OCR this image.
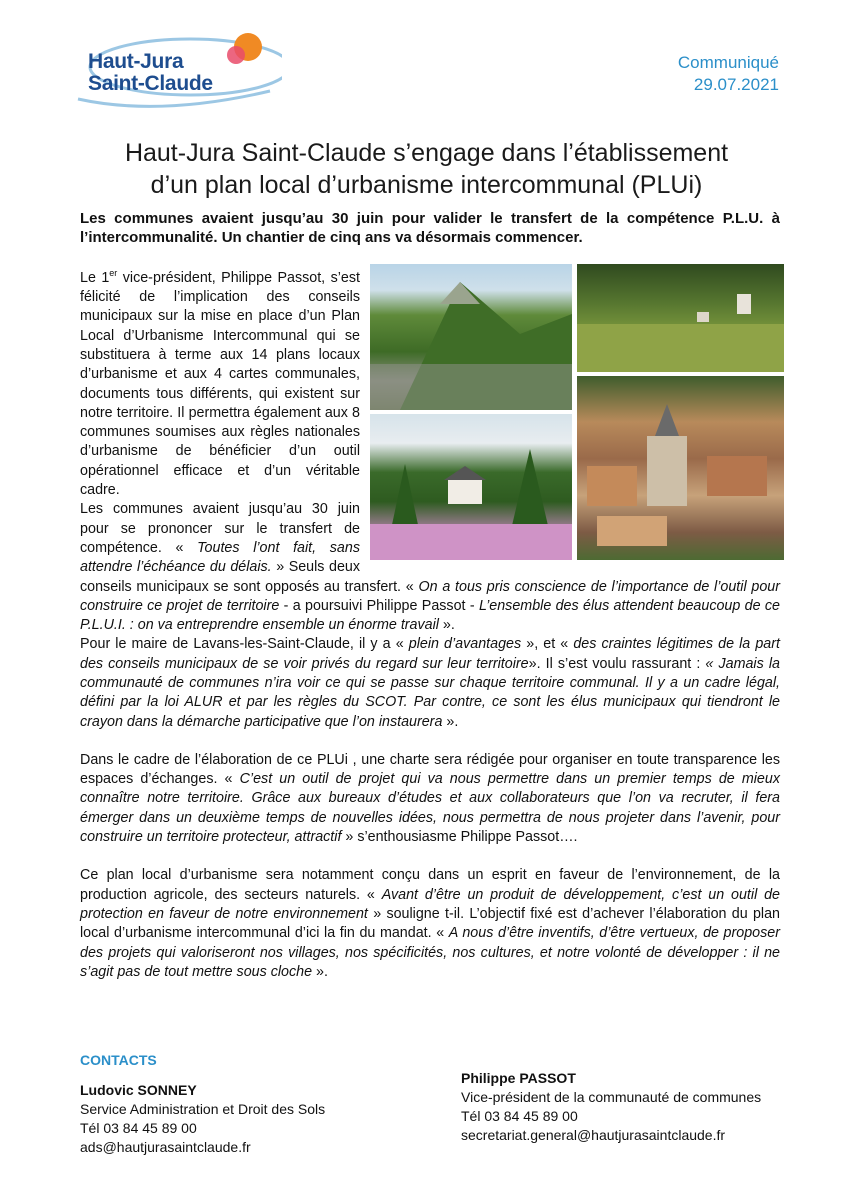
Haut-Jura
Saint-Claude
Communiqué
29.07.2021
Haut-Jura Saint-Claude s’engage dans l’établissement
d’un plan local d’urbanisme intercommunal (PLUi)
Les communes avaient jusqu’au 30 juin pour valider le transfert de la compétence P.L.U. à l’intercommunalité. Un chantier de cinq ans va désormais commencer.

Le 1er vice-président, Philippe Passot, s’est félicité de l’implication des conseils municipaux sur la mise en place d’un Plan Local d’Urbanisme Intercommunal qui se substituera à terme aux 14 plans locaux d’urbanisme et aux 4 cartes communales, documents tous différents, qui existent sur notre territoire. Il permettra également aux 8 communes soumises aux règles nationales d’urbanisme de bénéficier d’un outil opérationnel efficace et d’un véritable cadre.

Les communes avaient jusqu’au 30 juin pour se prononcer sur le transfert de compétence. « Toutes l’ont fait, sans attendre l’échéance du délais. » Seuls deux conseils municipaux se sont opposés au transfert. « On a tous pris conscience de l’importance de l’outil pour construire ce projet de territoire - a poursuivi Philippe Passot - L’ensemble des élus attendent beaucoup de ce P.L.U.I. : on va entreprendre ensemble un énorme travail ».
Pour le maire de Lavans-les-Saint-Claude, il y a « plein d’avantages », et « des craintes légitimes de la part des conseils municipaux de se voir privés du regard sur leur territoire». Il s’est voulu rassurant : « Jamais la communauté de communes n’ira voir ce qui se passe sur chaque territoire communal. Il y a un cadre légal, défini par la loi ALUR et par les règles du SCOT. Par contre, ce sont les élus municipaux qui tiendront le crayon dans la démarche participative que l’on instaurera ».

Dans le cadre de l’élaboration de ce PLUi , une charte sera rédigée pour organiser en toute transparence les espaces d’échanges. « C’est un outil de projet qui va nous permettre dans un premier temps de mieux connaître notre territoire. Grâce aux bureaux d’études et aux collaborateurs que l’on va recruter, il fera émerger dans un deuxième temps de nouvelles idées, nous permettra de nous projeter dans l’avenir, pour construire un territoire protecteur, attractif » s’enthousiasme Philippe Passot….

Ce plan local d’urbanisme sera notamment conçu dans un esprit en faveur de l’environnement, de la production agricole, des secteurs naturels. « Avant d’être un produit de développement, c’est un outil de protection en faveur de notre environnement » souligne t-il. L’objectif fixé est d’achever l’élaboration du plan local d’urbanisme intercommunal d’ici la fin du mandat. « A nous d’être inventifs, d’être vertueux, de proposer des projets qui valoriseront nos villages, nos spécificités, nos cultures, et notre volonté de développer : il ne s’agit pas de tout mettre sous cloche ».

CONTACTS
Ludovic SONNEY
Service Administration et Droit des Sols
Tél 03 84 45 89 00
ads@hautjurasaintclaude.fr
Philippe PASSOT
Vice-président de la communauté de communes
Tél 03 84 45 89 00
secretariat.general@hautjurasaintclaude.fr
